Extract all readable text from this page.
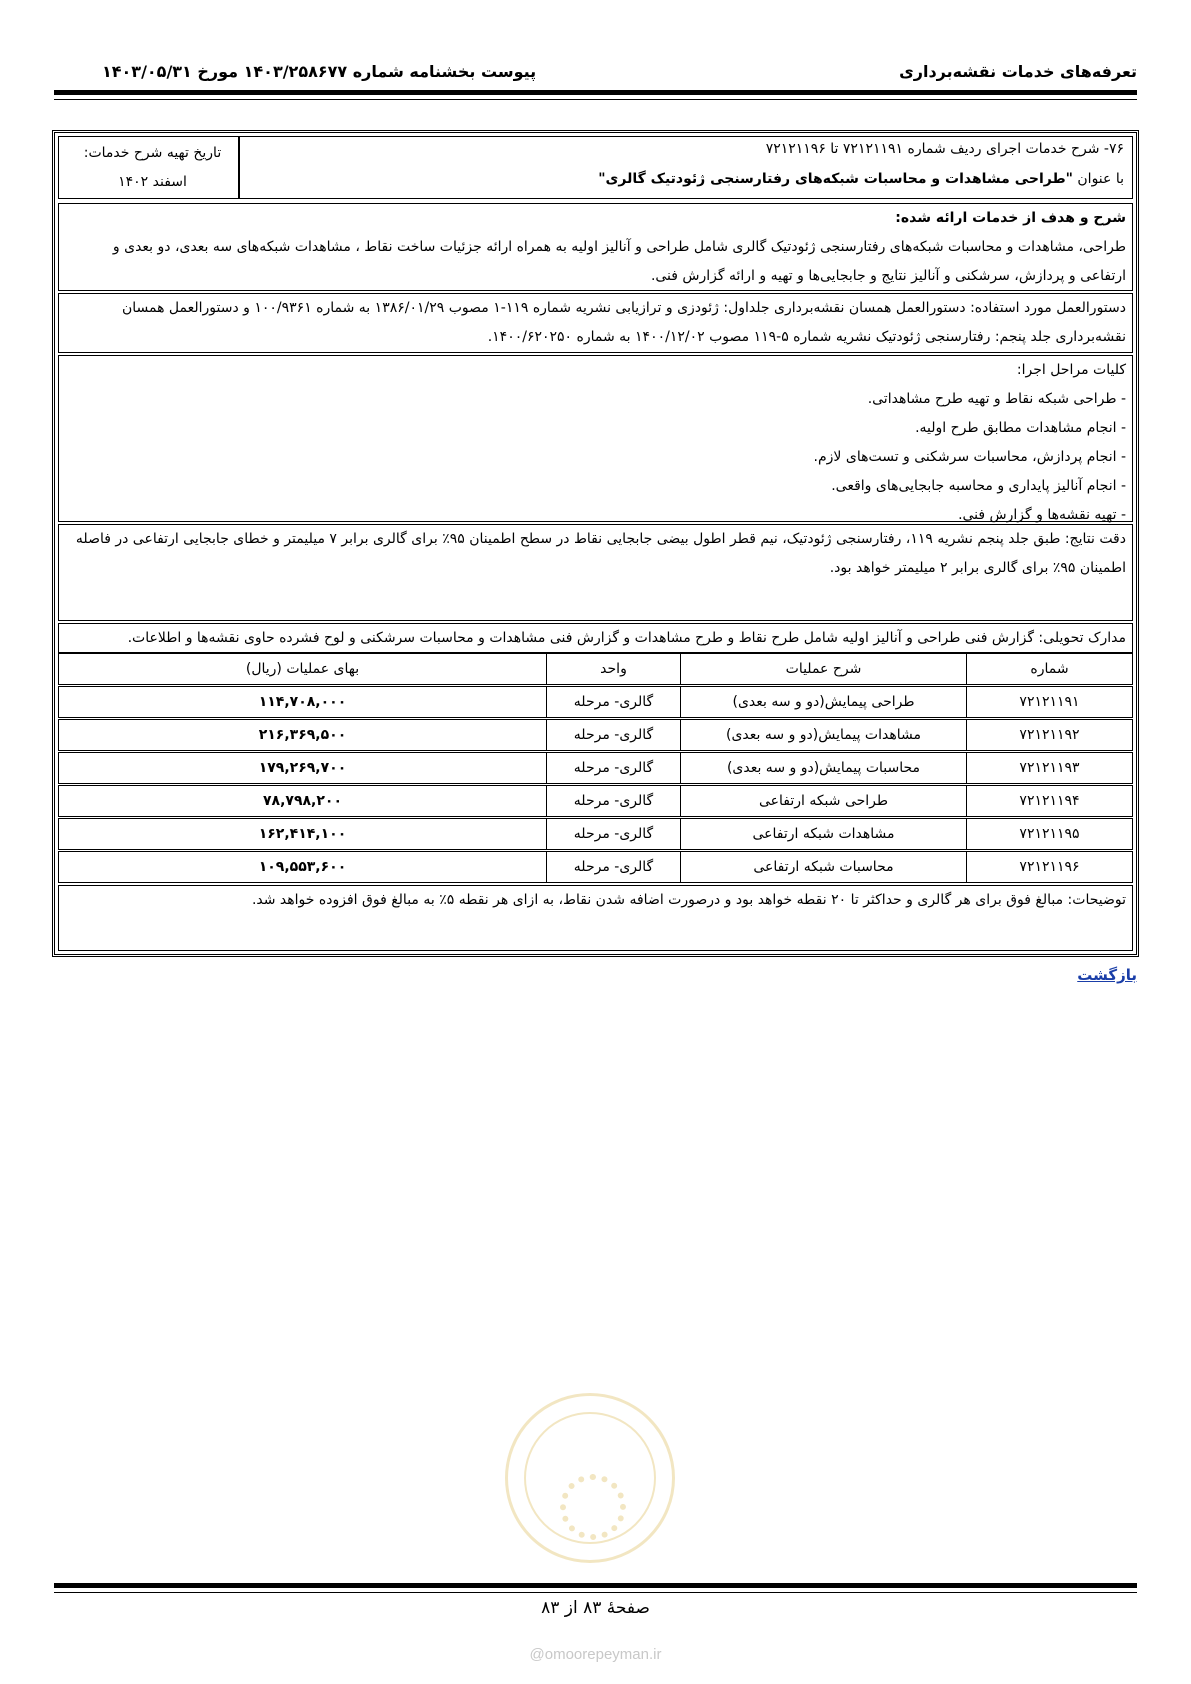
تعرفه‌های خدمات نقشه‌برداری
پیوست بخشنامه شماره ۱۴۰۳/۲۵۸۶۷۷ مورخ ۱۴۰۳/۰۵/۳۱
۷۶- شرح خدمات اجرای ردیف شماره ۷۲۱۲۱۱۹۱ تا ۷۲۱۲۱۱۹۶
با عنوان "طراحی مشاهدات و محاسبات شبکه‌های رفتارسنجی ژئودتیک گالری"
تاریخ تهیه شرح خدمات:
اسفند ۱۴۰۲
شرح و هدف از خدمات ارائه شده:
طراحی، مشاهدات و محاسبات شبکه‌های رفتارسنجی ژئودتیک گالری شامل طراحی و آنالیز اولیه به همراه ارائه جزئیات ساخت نقاط ، مشاهدات شبکه‌های سه بعدی، دو بعدی و ارتفاعی و پردازش، سرشکنی و آنالیز نتایج و جابجایی‌ها و تهیه و ارائه گزارش فنی.
دستورالعمل مورد استفاده: دستورالعمل همسان نقشه‌برداری جلداول: ژئودزی و ترازیابی نشریه شماره ۱۱۹-۱ مصوب ۱۳۸۶/۰۱/۲۹ به شماره ۱۰۰/۹۳۶۱ و دستورالعمل همسان نقشه‌برداری جلد پنجم: رفتارسنجی ژئودتیک نشریه شماره ۵-۱۱۹ مصوب ۱۴۰۰/۱۲/۰۲ به شماره ۱۴۰۰/۶۲۰۲۵۰.
کلیات مراحل اجرا:
- طراحی شبکه نقاط و تهیه طرح مشاهداتی.
- انجام مشاهدات مطابق طرح اولیه.
- انجام پردازش، محاسبات سرشکنی و تست‌های لازم.
- انجام آنالیز پایداری و محاسبه جابجایی‌های واقعی.
- تهیه نقشه‌ها و گزارش فنی.
دقت نتایج: طبق جلد پنجم نشریه ۱۱۹، رفتارسنجی ژئودتیک، نیم قطر اطول بیضی جابجایی نقاط در سطح اطمینان ۹۵٪ برای گالری برابر ۷ میلیمتر و خطای جابجایی ارتفاعی در فاصله اطمینان ۹۵٪ برای گالری برابر ۲ میلیمتر خواهد بود.
مدارک تحویلی: گزارش فنی طراحی و آنالیز اولیه شامل طرح نقاط و طرح مشاهدات و گزارش فنی مشاهدات و محاسبات سرشکنی و لوح فشرده حاوی نقشه‌ها و اطلاعات.
شماره	شرح عملیات	واحد	بهای عملیات (ریال)
۷۲۱۲۱۱۹۱	طراحی پیمایش(دو و سه بعدی)	گالری- مرحله	۱۱۴,۷۰۸,۰۰۰
۷۲۱۲۱۱۹۲	مشاهدات پیمایش(دو و سه بعدی)	گالری- مرحله	۲۱۶,۳۶۹,۵۰۰
۷۲۱۲۱۱۹۳	محاسبات پیمایش(دو و سه بعدی)	گالری- مرحله	۱۷۹,۲۶۹,۷۰۰
۷۲۱۲۱۱۹۴	طراحی شبکه ارتفاعی	گالری- مرحله	۷۸,۷۹۸,۲۰۰
۷۲۱۲۱۱۹۵	مشاهدات شبکه ارتفاعی	گالری- مرحله	۱۶۲,۴۱۴,۱۰۰
۷۲۱۲۱۱۹۶	محاسبات شبکه ارتفاعی	گالری- مرحله	۱۰۹,۵۵۳,۶۰۰
توضیحات: مبالغ فوق برای هر گالری و حداکثر تا ۲۰ نقطه خواهد بود و درصورت اضافه شدن نقاط، به ازای هر نقطه ۵٪ به مبالغ فوق افزوده خواهد شد.
بازگشت
صفحۀ ۸۳ از ۸۳
@omoorepeyman.ir
